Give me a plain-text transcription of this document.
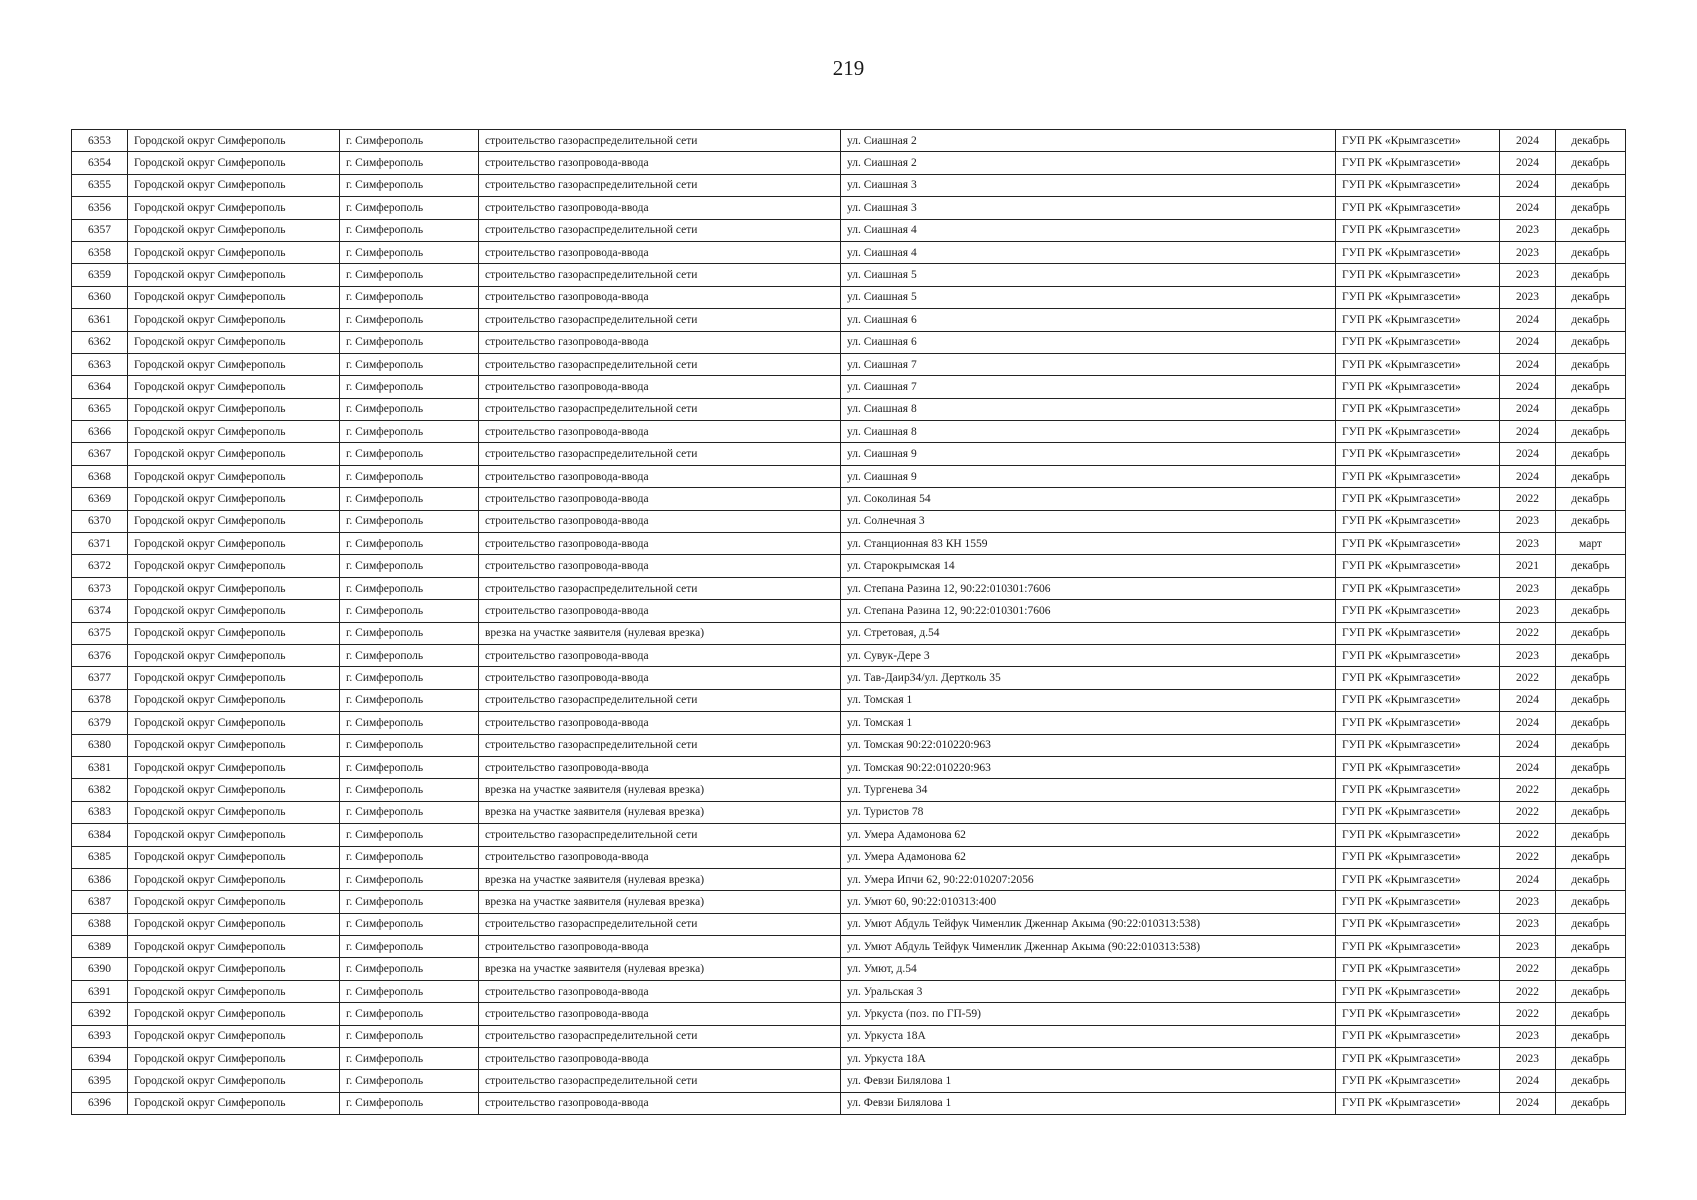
219
6353	Городской округ Симферополь	г. Симферополь	строительство газораспределительной сети	ул. Сиашная 2	ГУП РК «Крымгазсети»	2024	декабрь
6354	Городской округ Симферополь	г. Симферополь	строительство газопровода-ввода	ул. Сиашная 2	ГУП РК «Крымгазсети»	2024	декабрь
6355	Городской округ Симферополь	г. Симферополь	строительство газораспределительной сети	ул. Сиашная 3	ГУП РК «Крымгазсети»	2024	декабрь
6356	Городской округ Симферополь	г. Симферополь	строительство газопровода-ввода	ул. Сиашная 3	ГУП РК «Крымгазсети»	2024	декабрь
6357	Городской округ Симферополь	г. Симферополь	строительство газораспределительной сети	ул. Сиашная 4	ГУП РК «Крымгазсети»	2023	декабрь
6358	Городской округ Симферополь	г. Симферополь	строительство газопровода-ввода	ул. Сиашная 4	ГУП РК «Крымгазсети»	2023	декабрь
6359	Городской округ Симферополь	г. Симферополь	строительство газораспределительной сети	ул. Сиашная 5	ГУП РК «Крымгазсети»	2023	декабрь
6360	Городской округ Симферополь	г. Симферополь	строительство газопровода-ввода	ул. Сиашная 5	ГУП РК «Крымгазсети»	2023	декабрь
6361	Городской округ Симферополь	г. Симферополь	строительство газораспределительной сети	ул. Сиашная 6	ГУП РК «Крымгазсети»	2024	декабрь
6362	Городской округ Симферополь	г. Симферополь	строительство газопровода-ввода	ул. Сиашная 6	ГУП РК «Крымгазсети»	2024	декабрь
6363	Городской округ Симферополь	г. Симферополь	строительство газораспределительной сети	ул. Сиашная 7	ГУП РК «Крымгазсети»	2024	декабрь
6364	Городской округ Симферополь	г. Симферополь	строительство газопровода-ввода	ул. Сиашная 7	ГУП РК «Крымгазсети»	2024	декабрь
6365	Городской округ Симферополь	г. Симферополь	строительство газораспределительной сети	ул. Сиашная 8	ГУП РК «Крымгазсети»	2024	декабрь
6366	Городской округ Симферополь	г. Симферополь	строительство газопровода-ввода	ул. Сиашная 8	ГУП РК «Крымгазсети»	2024	декабрь
6367	Городской округ Симферополь	г. Симферополь	строительство газораспределительной сети	ул. Сиашная 9	ГУП РК «Крымгазсети»	2024	декабрь
6368	Городской округ Симферополь	г. Симферополь	строительство газопровода-ввода	ул. Сиашная 9	ГУП РК «Крымгазсети»	2024	декабрь
6369	Городской округ Симферополь	г. Симферополь	строительство газопровода-ввода	ул. Соколиная 54	ГУП РК «Крымгазсети»	2022	декабрь
6370	Городской округ Симферополь	г. Симферополь	строительство газопровода-ввода	ул. Солнечная 3	ГУП РК «Крымгазсети»	2023	декабрь
6371	Городской округ Симферополь	г. Симферополь	строительство газопровода-ввода	ул. Станционная 83 КН 1559	ГУП РК «Крымгазсети»	2023	март
6372	Городской округ Симферополь	г. Симферополь	строительство газопровода-ввода	ул. Старокрымская 14	ГУП РК «Крымгазсети»	2021	декабрь
6373	Городской округ Симферополь	г. Симферополь	строительство газораспределительной сети	ул. Степана Разина 12, 90:22:010301:7606	ГУП РК «Крымгазсети»	2023	декабрь
6374	Городской округ Симферополь	г. Симферополь	строительство газопровода-ввода	ул. Степана Разина 12, 90:22:010301:7606	ГУП РК «Крымгазсети»	2023	декабрь
6375	Городской округ Симферополь	г. Симферополь	врезка на участке заявителя (нулевая врезка)	ул. Стретовая, д.54	ГУП РК «Крымгазсети»	2022	декабрь
6376	Городской округ Симферополь	г. Симферополь	строительство газопровода-ввода	ул. Сувук-Дере 3	ГУП РК «Крымгазсети»	2023	декабрь
6377	Городской округ Симферополь	г. Симферополь	строительство газопровода-ввода	ул. Тав-Даир34/ул. Дертколь 35	ГУП РК «Крымгазсети»	2022	декабрь
6378	Городской округ Симферополь	г. Симферополь	строительство газораспределительной сети	ул. Томская 1	ГУП РК «Крымгазсети»	2024	декабрь
6379	Городской округ Симферополь	г. Симферополь	строительство газопровода-ввода	ул. Томская 1	ГУП РК «Крымгазсети»	2024	декабрь
6380	Городской округ Симферополь	г. Симферополь	строительство газораспределительной сети	ул. Томская 90:22:010220:963	ГУП РК «Крымгазсети»	2024	декабрь
6381	Городской округ Симферополь	г. Симферополь	строительство газопровода-ввода	ул. Томская 90:22:010220:963	ГУП РК «Крымгазсети»	2024	декабрь
6382	Городской округ Симферополь	г. Симферополь	врезка на участке заявителя (нулевая врезка)	ул. Тургенева 34	ГУП РК «Крымгазсети»	2022	декабрь
6383	Городской округ Симферополь	г. Симферополь	врезка на участке заявителя (нулевая врезка)	ул. Туристов 78	ГУП РК «Крымгазсети»	2022	декабрь
6384	Городской округ Симферополь	г. Симферополь	строительство газораспределительной сети	ул. Умера Адамонова 62	ГУП РК «Крымгазсети»	2022	декабрь
6385	Городской округ Симферополь	г. Симферополь	строительство газопровода-ввода	ул. Умера Адамонова 62	ГУП РК «Крымгазсети»	2022	декабрь
6386	Городской округ Симферополь	г. Симферополь	врезка на участке заявителя (нулевая врезка)	ул. Умера Ипчи 62, 90:22:010207:2056	ГУП РК «Крымгазсети»	2024	декабрь
6387	Городской округ Симферополь	г. Симферополь	врезка на участке заявителя (нулевая врезка)	ул. Умют 60, 90:22:010313:400	ГУП РК «Крымгазсети»	2023	декабрь
6388	Городской округ Симферополь	г. Симферополь	строительство газораспределительной сети	ул. Умют Абдуль Тейфук Чименлик Дженнар Акыма (90:22:010313:538)	ГУП РК «Крымгазсети»	2023	декабрь
6389	Городской округ Симферополь	г. Симферополь	строительство газопровода-ввода	ул. Умют Абдуль Тейфук Чименлик Дженнар Акыма (90:22:010313:538)	ГУП РК «Крымгазсети»	2023	декабрь
6390	Городской округ Симферополь	г. Симферополь	врезка на участке заявителя (нулевая врезка)	ул. Умют, д.54	ГУП РК «Крымгазсети»	2022	декабрь
6391	Городской округ Симферополь	г. Симферополь	строительство газопровода-ввода	ул. Уральская 3	ГУП РК «Крымгазсети»	2022	декабрь
6392	Городской округ Симферополь	г. Симферополь	строительство газопровода-ввода	ул. Уркуста (поз. по ГП-59)	ГУП РК «Крымгазсети»	2022	декабрь
6393	Городской округ Симферополь	г. Симферополь	строительство газораспределительной сети	ул. Уркуста 18А	ГУП РК «Крымгазсети»	2023	декабрь
6394	Городской округ Симферополь	г. Симферополь	строительство газопровода-ввода	ул. Уркуста 18А	ГУП РК «Крымгазсети»	2023	декабрь
6395	Городской округ Симферополь	г. Симферополь	строительство газораспределительной сети	ул. Февзи Билялова 1	ГУП РК «Крымгазсети»	2024	декабрь
6396	Городской округ Симферополь	г. Симферополь	строительство газопровода-ввода	ул. Февзи Билялова 1	ГУП РК «Крымгазсети»	2024	декабрь
